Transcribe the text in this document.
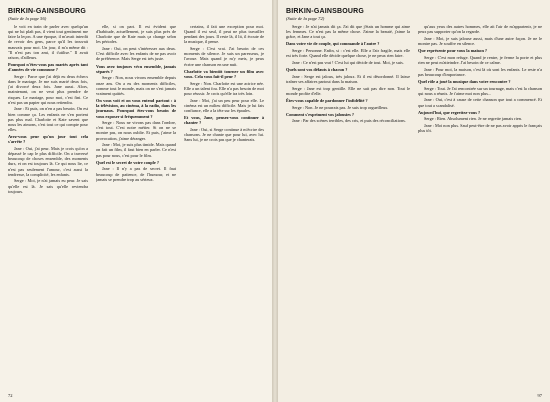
BIRKIN-GAINSBOURG
(Suite de la page 56)

le voit en train de parler avec quelqu'un qui ne lui plaît pas, il vient tout gentiment me faire la leçon. A une époque, il m'avait interdit de revoir des gens, parce qu'il les trouvait mauvais pour moi. Un jour, il m'a même dit : "Il n'est pas ton ami, il t'utilise." Il avait raison, d'ailleurs.

Pourquoi n'êtes-vous pas mariés après tant d'années de vie commune ?

Serge : Parce que j'ai déjà eu deux échecs dans le mariage. Je me suis marié deux fois, j'ai divorcé deux fois. Jane aussi. Alors, maintenant, on ne veut plus prendre de risques. Le mariage, pour moi, c'est fini. Ce n'est pas un papier qui nous retiendra.

Jane : Et puis, on n'en a pas besoin. On est bien comme ça. Les enfants ne s'en portent pas plus mal. Charlotte et Kate savent que nous les aimons, c'est tout ce qui compte pour elles.

Avez-vous peur qu'un jour tout cela s'arrête ?

Jane : Oui, j'ai peur. Mais je crois qu'on a dépassé le cap le plus difficile. On a traversé beaucoup de choses ensemble, des moments durs, et on est toujours là. Ce qui nous lie, ce n'est pas seulement l'amour, c'est aussi la tendresse, la complicité, les enfants.

Serge : Moi, je n'ai jamais eu peur. Je sais qu'elle est là. Je sais qu'elle reviendra toujours.

elle, si on part. Il est évident que d'habitude, actuellement, je suis plus près de Charlotte que de Kate mais ça change selon les périodes.

Jane : Oui, on peut s'intéresser aux deux. C'est difficile avec les enfants de ne pas avoir de préférence. Mais Serge est très juste.

Vous avez toujours vécu ensemble, jamais séparés ?

Serge : Non, nous vivons ensemble depuis onze ans. On a eu des moments difficiles, comme tout le monde, mais on ne s'est jamais vraiment quittés.

On vous voit et on vous entend partout : à la télévision, au cinéma, à la radio, dans les journaux. Pourquoi êtes-vous besoin de vous exposer si fréquemment ?

Serge : Nous ne vivons pas dans l'ombre, c'est tout. C'est notre métier. Si on ne se montre pas, on nous oublie. Et puis, j'aime la provocation, j'aime déranger.

Jane : Moi, je suis plus timide. Mais quand on fait un film, il faut bien en parler. Ce n'est pas pour nous, c'est pour le film.

Quel est le secret de votre couple ?

Jane : Il n'y a pas de secret. Il faut beaucoup de patience, de l'humour, et ne jamais se prendre trop au sérieux.

certains, il fait une exception pour moi. Quand il est seul, il peut ne plus travailler pendant des jours. Il reste là, il lit, il écoute de la musique, il pense.

Serge : C'est vrai. J'ai besoin de ces moments de silence. Je suis un paresseux, je l'avoue. Mais quand je m'y mets, je peux écrire une chanson en une nuit.

Charlotte va bientôt tourner un film avec vous. Cela vous fait-il peur ?

Serge : Non. Charlotte est une actrice née. Elle a un talent fou. Elle n'a pas besoin de moi pour réussir. Je crois qu'elle ira très loin.

Jane : Moi, j'ai un peu peur pour elle. Le cinéma est un milieu difficile. Mais je lui fais confiance, elle a la tête sur les épaules.

Et vous, Jane, pensez-vous continuer à chanter ?

Jane : Oui, si Serge continue à m'écrire des chansons. Je ne chante que pour lui, avec lui. Sans lui, je ne crois pas que je chanterais.

72
BIRKIN-GAINSBOURG
(Suite de la page 72)

Serge : Je n'ai jamais dit ça. J'ai dit que j'étais un homme qui aime les femmes. Ce n'est pas la même chose. J'aime la beauté, j'aime la grâce, et Jane a tout ça.

Dans votre vie de couple, qui commande à l'autre ?

Serge : Personne. Enfin, si : c'est elle. Elle a l'air fragile, mais elle est très forte. Quand elle décide quelque chose, je ne peux rien faire.

Jane : Ce n'est pas vrai ! C'est lui qui décide de tout. Moi, je suis.

Quels sont vos défauts à chacun ?

Jane : Serge est jaloux, très jaloux. Et il est désordonné. Il laisse traîner ses affaires partout dans la maison.

Serge : Jane est trop gentille. Elle ne sait pas dire non. Tout le monde profite d'elle.

Êtes-vous capable de pardonner l'infidélité ?

Serge : Non. Je ne pourrais pas. Je suis trop orgueilleux.

Comment s'expriment vos jalousies ?

Jane : Par des scènes terribles, des cris, et puis des réconciliations.

qu'aux yeux des autres hommes, elle ait l'air de m'appartenir, je ne peux pas supporter qu'on la regarde.

Jane : Moi, je suis jalouse aussi, mais d'une autre façon. Je ne le montre pas. Je souffre en silence.

Que représente pour vous la maison ?

Serge : C'est mon refuge. Quand je rentre, je ferme la porte et plus rien ne peut m'atteindre. J'ai besoin de ce calme.

Jane : Pour moi, la maison, c'est là où sont les enfants. Le reste n'a pas beaucoup d'importance.

Quel rôle a joué la musique dans votre rencontre ?

Serge : Tout. Je l'ai rencontrée sur un tournage, mais c'est la chanson qui nous a réunis. Je t'aime moi non plus...

Jane : Oui, c'est à cause de cette chanson que tout a commencé. Et que tout a scandalisé.

Aujourd'hui, que regrettez-vous ?

Serge : Rien. Absolument rien. Je ne regrette jamais rien.

Jane : Moi non plus. Sauf peut-être de ne pas avoir appris le français plus tôt.

97
